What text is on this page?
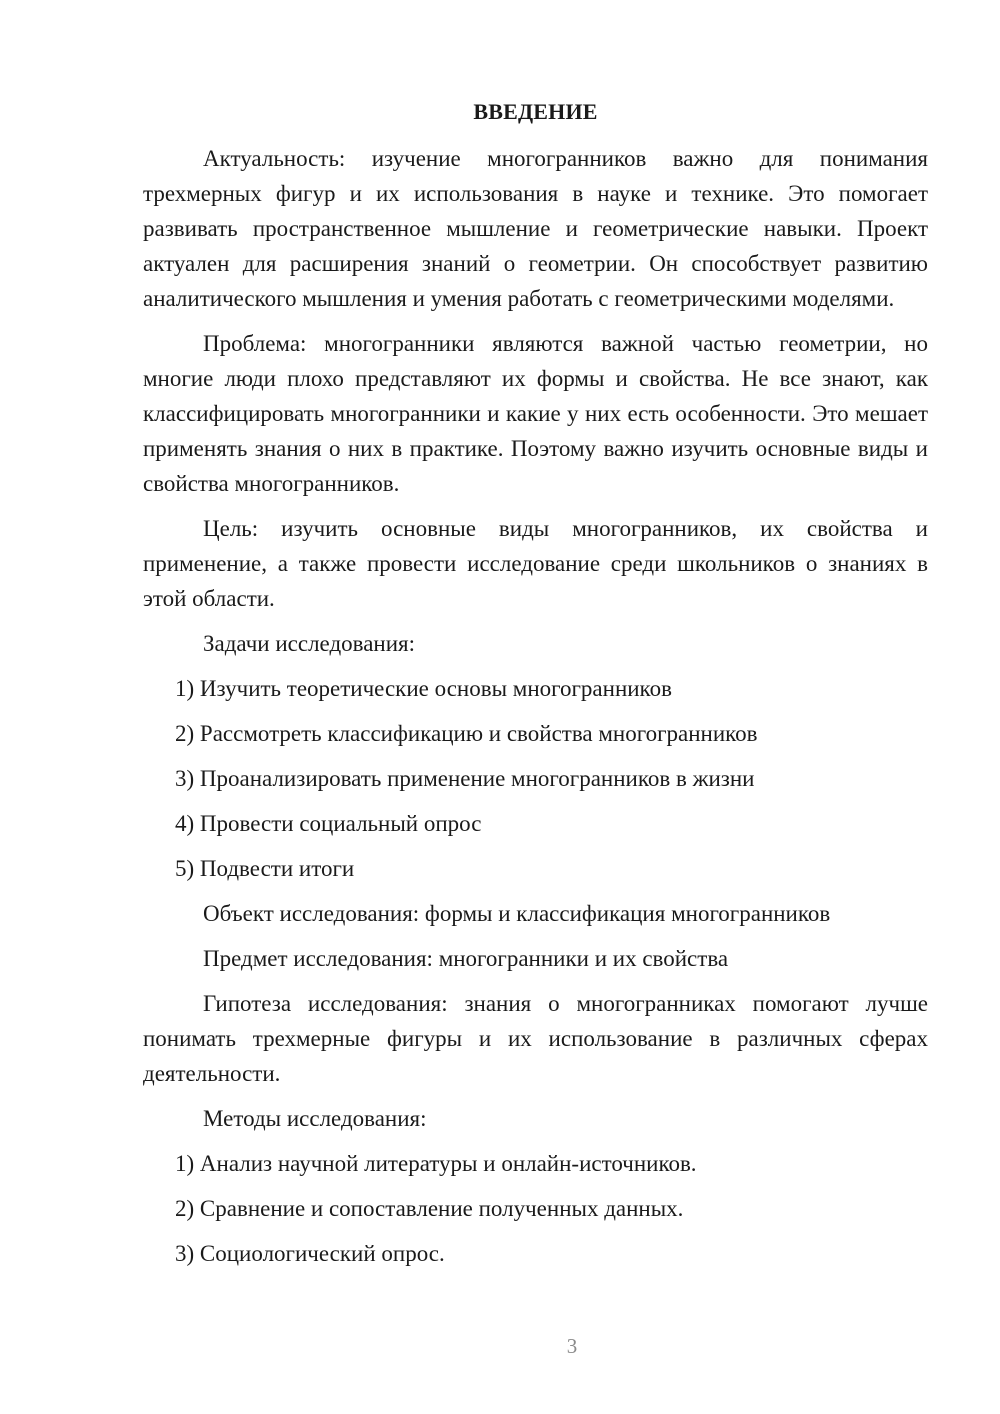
ВВЕДЕНИЕ

Актуальность: изучение многогранников важно для понимания трехмерных фигур и их использования в науке и технике. Это помогает развивать пространственное мышление и геометрические навыки. Проект актуален для расширения знаний о геометрии. Он способствует развитию аналитического мышления и умения работать с геометрическими моделями.

Проблема: многогранники являются важной частью геометрии, но многие люди плохо представляют их формы и свойства. Не все знают, как классифицировать многогранники и какие у них есть особенности. Это мешает применять знания о них в практике. Поэтому важно изучить основные виды и свойства многогранников.

Цель: изучить основные виды многогранников, их свойства и применение, а также провести исследование среди школьников о знаниях в этой области.

Задачи исследования:

1) Изучить теоретические основы многогранников
2) Рассмотреть классификацию и свойства многогранников
3) Проанализировать применение многогранников в жизни
4) Провести социальный опрос
5) Подвести итоги

Объект исследования: формы и классификация многогранников

Предмет исследования: многогранники и их свойства

Гипотеза исследования: знания о многогранниках помогают лучше понимать трехмерные фигуры и их использование в различных сферах деятельности.

Методы исследования:

1) Анализ научной литературы и онлайн-источников.
2) Сравнение и сопоставление полученных данных.
3) Социологический опрос.
3
